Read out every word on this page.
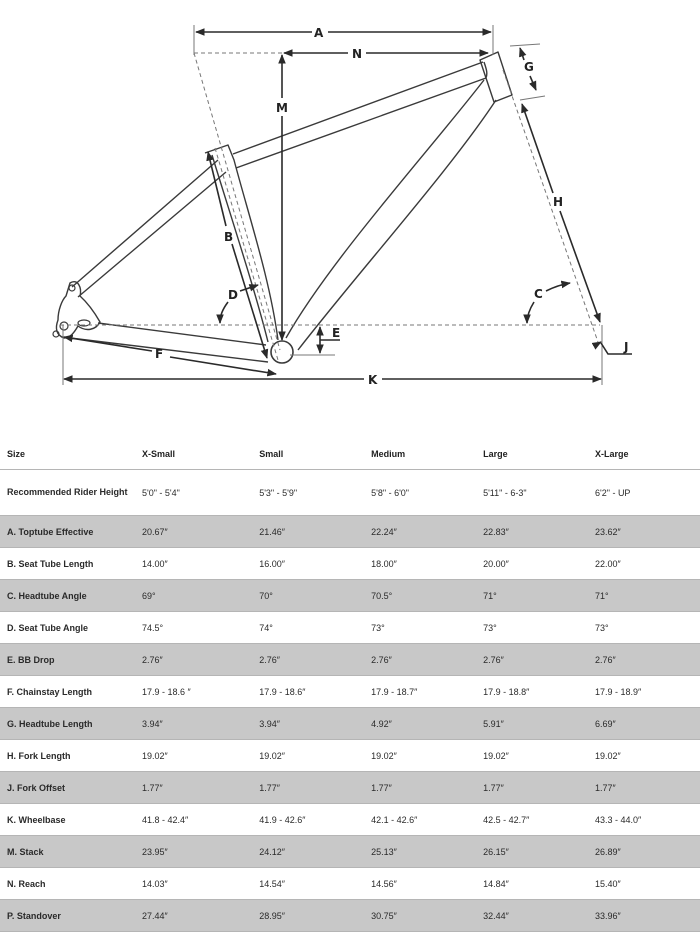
A
N
M
G
H
B
D
E
C
J
F
K
Size	X-Small	Small	Medium	Large	X-Large
Recommended Rider Height	5'0" - 5'4"	5'3" - 5'9"	5'8" - 6'0"	5'11" - 6-3"	6'2" - UP
A. Toptube Effective	20.67″	21.46″	22.24″	22.83″	23.62″
B. Seat Tube Length	14.00″	16.00″	18.00″	20.00″	22.00″
C. Headtube Angle	69°	70°	70.5°	71°	71°
D. Seat Tube Angle	74.5°	74°	73°	73°	73°
E. BB Drop	2.76″	2.76″	2.76″	2.76″	2.76″
F. Chainstay Length	17.9 - 18.6 ″	17.9 - 18.6″	17.9 - 18.7″	17.9 - 18.8″	17.9 - 18.9″
G. Headtube Length	3.94″	3.94″	4.92″	5.91″	6.69″
H. Fork Length	19.02″	19.02″	19.02″	19.02″	19.02″
J. Fork Offset	1.77″	1.77″	1.77″	1.77″	1.77″
K. Wheelbase	41.8 - 42.4″	41.9 - 42.6″	42.1 - 42.6″	42.5 - 42.7″	43.3 - 44.0″
M. Stack	23.95″	24.12″	25.13″	26.15″	26.89″
N. Reach	14.03″	14.54″	14.56″	14.84″	15.40″
P. Standover	27.44″	28.95″	30.75″	32.44″	33.96″
